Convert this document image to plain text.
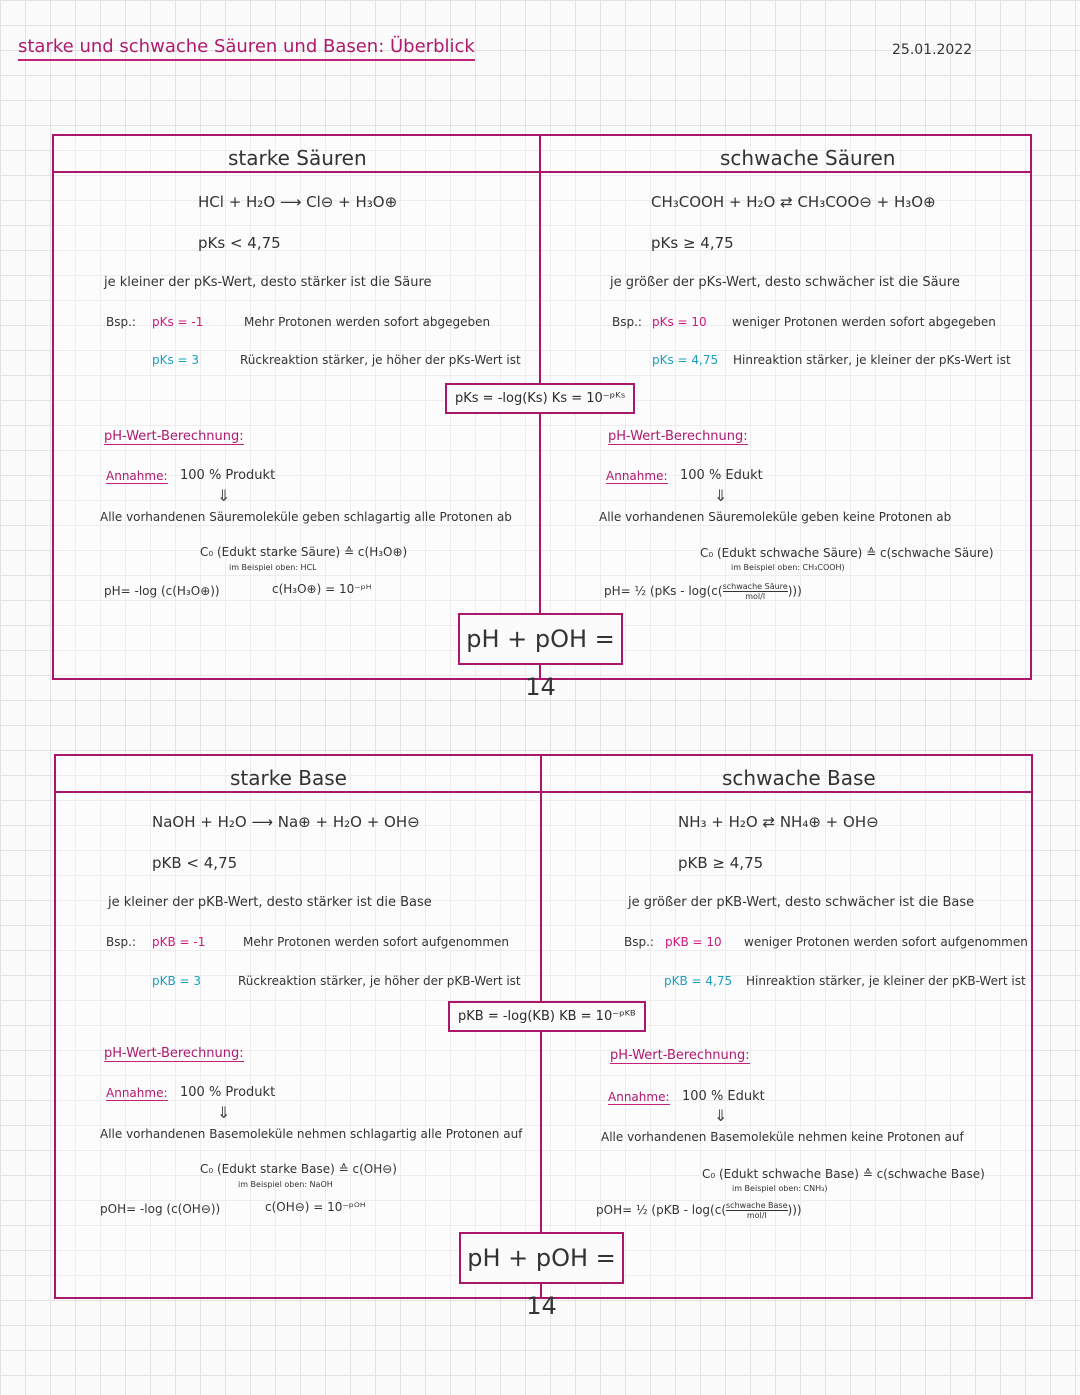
starke und schwache Säuren und Basen: Überblick	25.01.2022
starke Säuren
HCl + H₂O ⟶ Cl⊖ + H₃O⊕
pKs < 4,75
je kleiner der pKs-Wert, desto stärker ist die Säure
Bsp.: pKs = -1	Mehr Protonen werden sofort abgegeben
pKs = 3	Rückreaktion stärker, je höher der pKs-Wert ist
pH-Wert-Berechnung:
Annahme: 100 % Produkt
⇓
Alle vorhandenen Säuremoleküle geben schlagartig alle Protonen ab
C₀ (Edukt starke Säure) ≙ c(H₃O⊕)
im Beispiel oben: HCL
pH= -log (c(H₃O⊕))	c(H₃O⊕) = 10⁻ᵖᴴ
schwache Säuren
CH₃COOH + H₂O ⇄ CH₃COO⊖ + H₃O⊕
pKs ≥ 4,75
je größer der pKs-Wert, desto schwächer ist die Säure
Bsp.: pKs = 10 weniger Protonen werden sofort abgegeben
pKs = 4,75 Hinreaktion stärker, je kleiner der pKs-Wert ist
pH-Wert-Berechnung:
Annahme: 100 % Edukt
⇓
Alle vorhandenen Säuremoleküle geben keine Protonen ab
C₀ (Edukt schwache Säure) ≙ c(schwache Säure)
im Beispiel oben: CH₃COOH)
pH= ½ (pKs - log(c( schwache Säure
mol/l	)))
pKs = -log(Ks) Ks = 10⁻ᵖᴷˢ
pH + pOH = 14
starke Base
NaOH + H₂O ⟶ Na⊕ + H₂O + OH⊖
pKB < 4,75
je kleiner der pKB-Wert, desto stärker ist die Base
Bsp.: pKB = -1	Mehr Protonen werden sofort aufgenommen
pKB = 3	Rückreaktion stärker, je höher der pKB-Wert ist
pH-Wert-Berechnung:
Annahme: 100 % Produkt
⇓
Alle vorhandenen Basemoleküle nehmen schlagartig alle Protonen auf
C₀ (Edukt starke Base) ≙ c(OH⊖)
im Beispiel oben: NaOH
pOH= -log (c(OH⊖))	c(OH⊖) = 10⁻ᵖᴼᴴ
schwache Base
NH₃ + H₂O ⇄ NH₄⊕ + OH⊖
pKB ≥ 4,75
je größer der pKB-Wert, desto schwächer ist die Base
Bsp.: pKB = 10 weniger Protonen werden sofort aufgenommen
pKB = 4,75 Hinreaktion stärker, je kleiner der pKB-Wert ist
pH-Wert-Berechnung:
Annahme: 100 % Edukt
⇓
Alle vorhandenen Basemoleküle nehmen keine Protonen auf
C₀ (Edukt schwache Base) ≙ c(schwache Base)
im Beispiel oben: CNH₃)
pOH= ½ (pKB - log(c( schwache Base
mol/l	)))
pKB = -log(KB) KB = 10⁻ᵖᴷᴮ
pH + pOH = 14
